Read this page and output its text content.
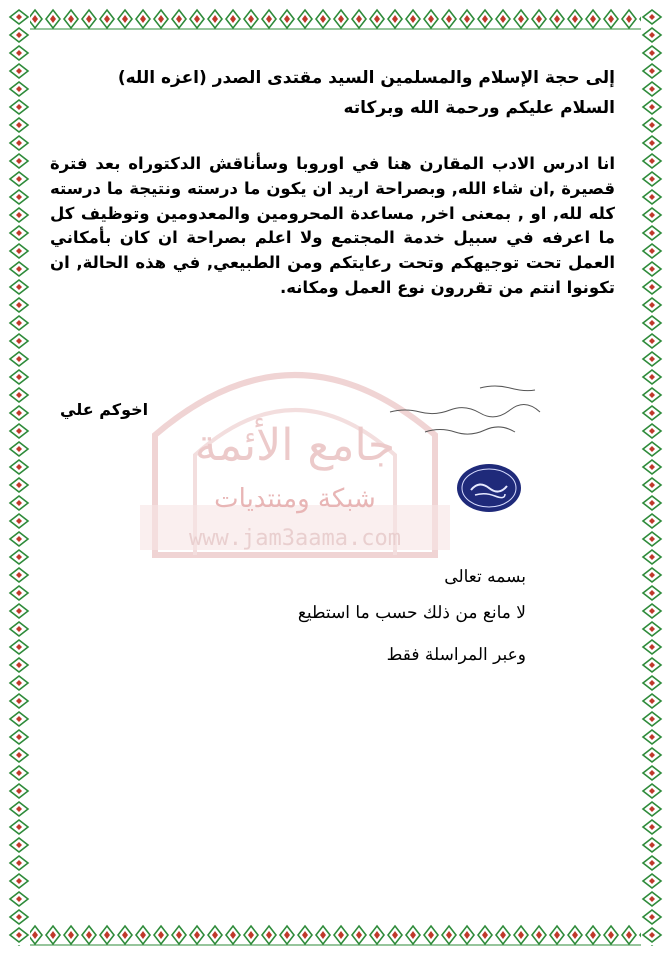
جامع الأئمة
شبكة ومنتديات
www.jam3aama.com
إلى حجة الإسلام والمسلمين السيد مقتدى الصدر (اعزه الله)
السلام عليكم ورحمة الله وبركاته
انا ادرس الادب المقارن هنا في اوروبا وسأناقش الدكتوراه بعد فترة قصيرة ,ان شاء الله, وبصراحة اريد ان يكون ما درسته ونتيجة ما درسته كله لله, او , بمعنى اخر, مساعدة المحرومين والمعدومين وتوظيف كل ما اعرفه في سبيل خدمة المجتمع ولا اعلم بصراحة ان كان بأمكاني العمل تحت توجيهكم وتحت رعايتكم ومن الطبيعي, في هذه الحالة, ان تكونوا انتم من تقررون نوع العمل ومكانه.
اخوكم علي
بسمه تعالى
لا مانع من ذلك حسب ما استطيع
وعبر المراسلة فقط
